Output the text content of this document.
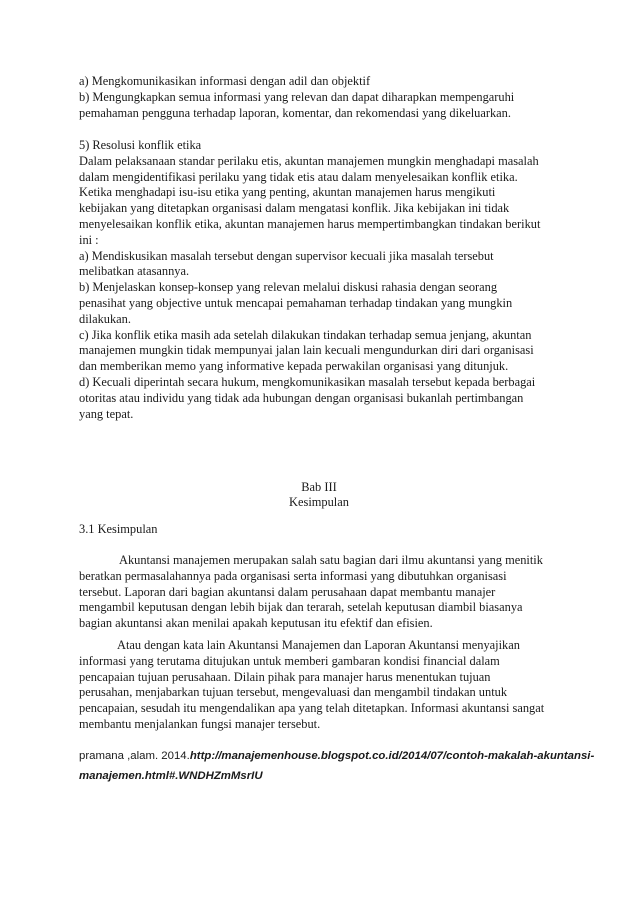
a) Mengkomunikasikan informasi dengan adil dan objektif
b) Mengungkapkan semua informasi yang relevan dan dapat diharapkan mempengaruhi
pemahaman pengguna terhadap laporan, komentar, dan rekomendasi yang dikeluarkan.
5) Resolusi konflik etika
Dalam pelaksanaan standar perilaku etis, akuntan manajemen mungkin menghadapi masalah
dalam mengidentifikasi perilaku yang tidak etis atau dalam menyelesaikan konflik etika.
Ketika menghadapi isu-isu etika yang penting, akuntan manajemen harus mengikuti
kebijakan yang ditetapkan organisasi dalam mengatasi konflik. Jika kebijakan ini tidak
menyelesaikan konflik etika, akuntan manajemen harus mempertimbangkan tindakan berikut
ini :
a) Mendiskusikan masalah tersebut dengan supervisor kecuali jika masalah tersebut
melibatkan atasannya.
b) Menjelaskan konsep-konsep yang relevan melalui diskusi rahasia dengan seorang
penasihat yang objective untuk mencapai pemahaman terhadap tindakan yang mungkin
dilakukan.
c) Jika konflik etika masih ada setelah dilakukan tindakan terhadap semua jenjang, akuntan
manajemen mungkin tidak mempunyai jalan lain kecuali mengundurkan diri dari organisasi
dan memberikan memo yang informative kepada perwakilan organisasi yang ditunjuk.
d) Kecuali diperintah secara hukum, mengkomunikasikan masalah tersebut kepada berbagai
otoritas atau individu yang tidak ada hubungan dengan organisasi bukanlah pertimbangan
yang tepat.
Bab III
Kesimpulan
3.1 Kesimpulan
Akuntansi manajemen merupakan salah satu bagian dari ilmu akuntansi yang menitik
beratkan permasalahannya pada organisasi serta informasi yang dibutuhkan organisasi
tersebut. Laporan dari bagian akuntansi dalam perusahaan dapat membantu manajer
mengambil keputusan dengan lebih bijak dan terarah, setelah keputusan diambil biasanya
bagian akuntansi akan menilai apakah keputusan itu efektif dan efisien.
Atau dengan kata lain Akuntansi Manajemen dan Laporan Akuntansi menyajikan
informasi yang terutama ditujukan untuk memberi gambaran kondisi financial dalam
pencapaian tujuan perusahaan. Dilain pihak para manajer harus menentukan tujuan
perusahan, menjabarkan tujuan tersebut, mengevaluasi dan mengambil tindakan untuk
pencapaian, sesudah itu mengendalikan apa yang telah ditetapkan. Informasi akuntansi sangat
membantu menjalankan fungsi manajer tersebut.
pramana ,alam. 2014.http://manajemenhouse.blogspot.co.id/2014/07/contoh-makalah-akuntansi-
manajemen.html#.WNDHZmMsrIU
